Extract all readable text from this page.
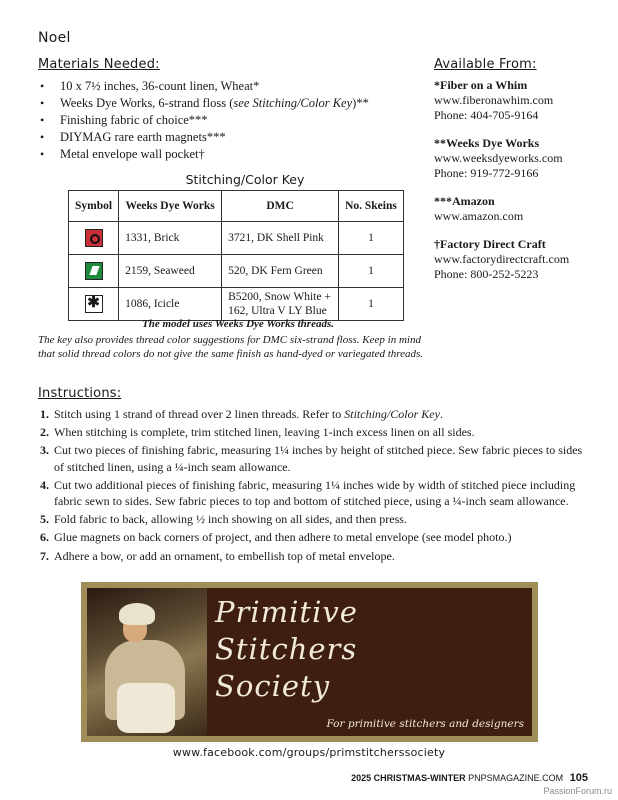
Noel
Materials Needed:
• 10 x 7½ inches, 36-count linen, Wheat*
• Weeks Dye Works, 6-strand floss (see Stitching/Color Key)**
• Finishing fabric of choice***
• DIYMAG rare earth magnets***
• Metal envelope wall pocket†
Stitching/Color Key
Symbol	Weeks Dye Works	DMC	No. Skeins
	1331, Brick	3721, DK Shell Pink	1
	2159, Seaweed	520, DK Fern Green	1
✱	1086, Icicle	B5200, Snow White +
162, Ultra V LY Blue	1
The model uses Weeks Dye Works threads.
The key also provides thread color suggestions for DMC six-strand floss. Keep in mind that solid thread colors do not give the same finish as hand-dyed or variegated threads.
Available From:
*Fiber on a Whim
www.fiberonawhim.com
Phone: 404-705-9164
**Weeks Dye Works
www.weeksdyeworks.com
Phone: 919-772-9166
***Amazon
www.amazon.com
†Factory Direct Craft
www.factorydirectcraft.com
Phone: 800-252-5223
Instructions:
1. Stitch using 1 strand of thread over 2 linen threads. Refer to Stitching/Color Key.
2. When stitching is complete, trim stitched linen, leaving 1-inch excess linen on all sides.
3. Cut two pieces of finishing fabric, measuring 1¼ inches by height of stitched piece. Sew fabric pieces to sides of stitched linen, using a ¼-inch seam allowance.
4. Cut two additional pieces of finishing fabric, measuring 1¼ inches wide by width of stitched piece including fabric sewn to sides. Sew fabric pieces to top and bottom of stitched piece, using a ¼-inch seam allowance.
5. Fold fabric to back, allowing ½ inch showing on all sides, and then press.
6. Glue magnets on back corners of project, and then adhere to metal envelope (see model photo.)
7. Adhere a bow, or add an ornament, to embellish top of metal envelope.
Primitive
Stitchers
Society
For primitive stitchers and designers
www.facebook.com/groups/primstitcherssociety
2025 CHRISTMAS-WINTER PNPSMAGAZINE.COM 105
PassionForum.ru
